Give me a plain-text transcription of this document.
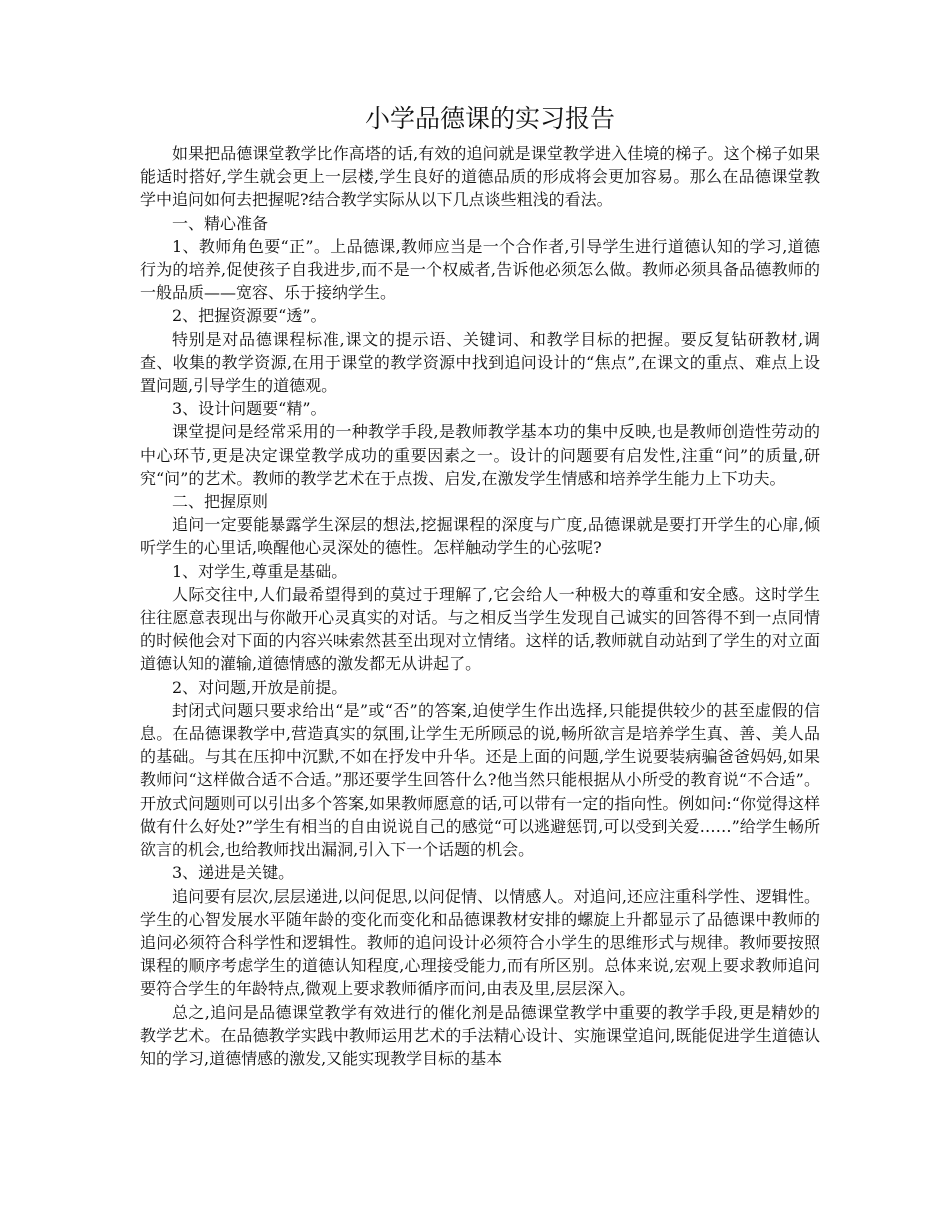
小学品德课的实习报告

如果把品德课堂教学比作高塔的话,有效的追问就是课堂教学进入佳境的梯子。这个梯子如果能适时搭好,学生就会更上一层楼,学生良好的道德品质的形成将会更加容易。那么在品德课堂教学中追问如何去把握呢?结合教学实际从以下几点谈些粗浅的看法。

一、精心准备

1、教师角色要“正”。上品德课,教师应当是一个合作者,引导学生进行道德认知的学习,道德行为的培养,促使孩子自我进步,而不是一个权威者,告诉他必须怎么做。教师必须具备品德教师的一般品质——宽容、乐于接纳学生。

2、把握资源要“透”。

特别是对品德课程标准,课文的提示语、关键词、和教学目标的把握。要反复钻研教材,调查、收集的教学资源,在用于课堂的教学资源中找到追问设计的“焦点”,在课文的重点、难点上设置问题,引导学生的道德观。

3、设计问题要“精”。

课堂提问是经常采用的一种教学手段,是教师教学基本功的集中反映,也是教师创造性劳动的中心环节,更是决定课堂教学成功的重要因素之一。设计的问题要有启发性,注重“问”的质量,研究“问”的艺术。教师的教学艺术在于点拨、启发,在激发学生情感和培养学生能力上下功夫。

二、把握原则

追问一定要能暴露学生深层的想法,挖掘课程的深度与广度,品德课就是要打开学生的心扉,倾听学生的心里话,唤醒他心灵深处的德性。怎样触动学生的心弦呢?

1、对学生,尊重是基础。

人际交往中,人们最希望得到的莫过于理解了,它会给人一种极大的尊重和安全感。这时学生往往愿意表现出与你敞开心灵真实的对话。与之相反当学生发现自己诚实的回答得不到一点同情的时候他会对下面的内容兴味索然甚至出现对立情绪。这样的话,教师就自动站到了学生的对立面道德认知的灌输,道德情感的激发都无从讲起了。

2、对问题,开放是前提。

封闭式问题只要求给出“是”或“否”的答案,迫使学生作出选择,只能提供较少的甚至虚假的信息。在品德课教学中,营造真实的氛围,让学生无所顾忌的说,畅所欲言是培养学生真、善、美人品的基础。与其在压抑中沉默,不如在抒发中升华。还是上面的问题,学生说要装病骗爸爸妈妈,如果教师问“这样做合适不合适。”那还要学生回答什么?他当然只能根据从小所受的教育说“不合适”。开放式问题则可以引出多个答案,如果教师愿意的话,可以带有一定的指向性。例如问:“你觉得这样做有什么好处?”学生有相当的自由说说自己的感觉“可以逃避惩罚,可以受到关爱……”给学生畅所欲言的机会,也给教师找出漏洞,引入下一个话题的机会。

3、递进是关键。

追问要有层次,层层递进,以问促思,以问促情、以情感人。对追问,还应注重科学性、逻辑性。学生的心智发展水平随年龄的变化而变化和品德课教材安排的螺旋上升都显示了品德课中教师的追问必须符合科学性和逻辑性。教师的追问设计必须符合小学生的思维形式与规律。教师要按照课程的顺序考虑学生的道德认知程度,心理接受能力,而有所区别。总体来说,宏观上要求教师追问要符合学生的年龄特点,微观上要求教师循序而问,由表及里,层层深入。

总之,追问是品德课堂教学有效进行的催化剂是品德课堂教学中重要的教学手段,更是精妙的教学艺术。在品德教学实践中教师运用艺术的手法精心设计、实施课堂追问,既能促进学生道德认知的学习,道德情感的激发,又能实现教学目标的基本
